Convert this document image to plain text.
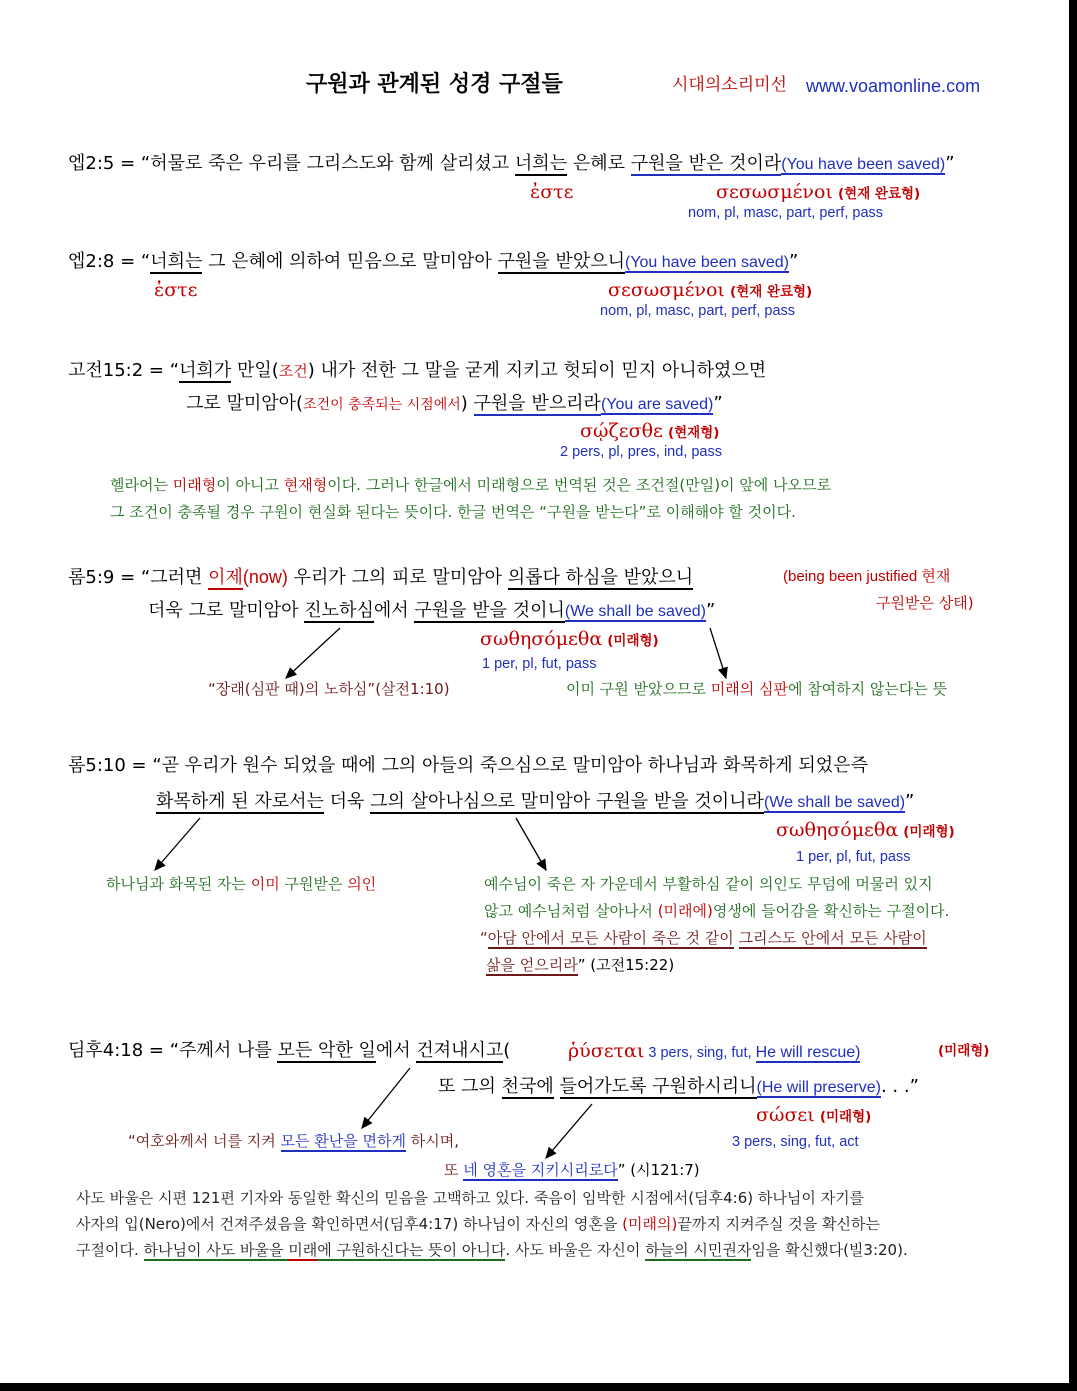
구원과 관계된 성경 구절들	시대의소리미선 www.voamonline.com
엡2:5 = “허물로 죽은 우리를 그리스도와 함께 살리셨고 너희는 은혜로 구원을 받은 것이라(You have been saved)”
ἐστε	σεσωσμένοι (현재 완료형)
nom, pl, masc, part, perf, pass
엡2:8 = “너희는 그 은혜에 의하여 믿음으로 말미암아 구원을 받았으니(You have been saved)”
ἐστε	σεσωσμένοι (현재 완료형)
nom, pl, masc, part, perf, pass
고전15:2 = “너희가 만일(조건) 내가 전한 그 말을 굳게 지키고 헛되이 믿지 아니하였으면
그로 말미암아(조건이 충족되는 시점에서) 구원을 받으리라(You are saved)”
σῴζεσθε (현재형)
2 pers, pl, pres, ind, pass
헬라어는 미래형이 아니고 현재형이다. 그러나 한글에서 미래형으로 번역된 것은 조건절(만일)이 앞에 나오므로
그 조건이 충족될 경우 구원이 현실화 된다는 뜻이다. 한글 번역은 “구원을 받는다”로 이해해야 할 것이다.
롬5:9 = “그러면 이제(now) 우리가 그의 피로 말미암아 의롭다 하심을 받았으니	(being been justified 현재
구원받은 상태)
더욱 그로 말미암아 진노하심에서 구원을 받을 것이니(We shall be saved)”
σωθησόμεθα (미래형)
1 per, pl, fut, pass
“장래(심판 때)의 노하심”(살전1:10)	이미 구원 받았으므로 미래의 심판에 참여하지 않는다는 뜻
롬5:10 = “곧 우리가 원수 되었을 때에 그의 아들의 죽으심으로 말미암아 하나님과 화목하게 되었은즉
화목하게 된 자로서는 더욱 그의 살아나심으로 말미암아 구원을 받을 것이니라(We shall be saved)”
σωθησόμεθα (미래형)
1 per, pl, fut, pass
하나님과 화목된 자는 이미 구원받은 의인	예수님이 죽은 자 가운데서 부활하심 같이 의인도 무덤에 머물러 있지
않고 예수님처럼 살아나서 (미래에)영생에 들어감을 확신하는 구절이다.
“아담 안에서 모든 사람이 죽은 것 같이 그리스도 안에서 모든 사람이
삶을 얻으리라” (고전15:22)
딤후4:18 = “주께서 나를 모든 악한 일에서 건져내시고(	ῥύσεται 3 pers, sing, fut, He will rescue)	(미래형)
또 그의 천국에 들어가도록 구원하시리니(He will preserve). . .”
σώσει (미래형)
3 pers, sing, fut, act
“여호와께서 너를 지켜 모든 환난을 면하게 하시며,
또 네 영혼을 지키시리로다” (시121:7)
사도 바울은 시편 121편 기자와 동일한 확신의 믿음을 고백하고 있다. 죽음이 임박한 시점에서(딤후4:6) 하나님이 자기를
사자의 입(Nero)에서 건져주셨음을 확인하면서(딤후4:17) 하나님이 자신의 영혼을 (미래의)끝까지 지켜주실 것을 확신하는
구절이다. 하나님이 사도 바울을 미래에 구원하신다는 뜻이 아니다. 사도 바울은 자신이 하늘의 시민권자임을 확신했다(빌3:20).
